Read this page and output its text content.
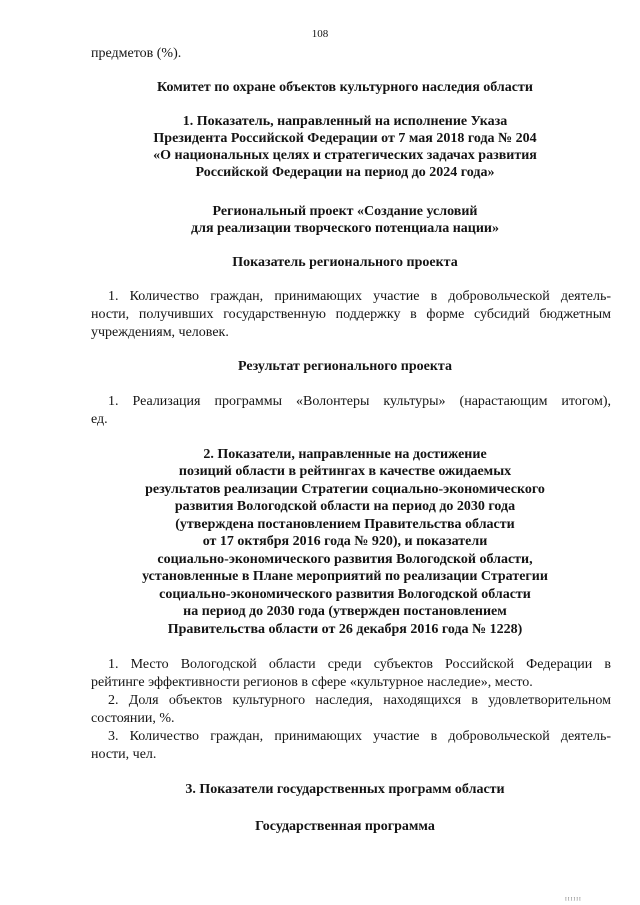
108
предметов (%).
Комитет по охране объектов культурного наследия области
1. Показатель, направленный на исполнение Указа
Президента Российской Федерации от 7 мая 2018 года № 204
«О национальных целях и стратегических задачах развития
Российской Федерации на период до 2024 года»
Региональный проект «Создание условий
для реализации творческого потенциала нации»
Показатель регионального проекта
1. Количество граждан, принимающих участие в добровольческой деятель-
ности, получивших государственную поддержку в форме субсидий бюджетным
учреждениям, человек.
Результат регионального проекта
1. Реализация программы «Волонтеры культуры» (нарастающим итогом),
ед.
2. Показатели, направленные на достижение
позиций области в рейтингах в качестве ожидаемых
результатов реализации Стратегии социально-экономического
развития Вологодской области на период до 2030 года
(утверждена постановлением Правительства области
от 17 октября 2016 года № 920), и показатели
социально-экономического развития Вологодской области,
установленные в Плане мероприятий по реализации Стратегии
социально-экономического развития Вологодской области
на период до 2030 года (утвержден постановлением
Правительства области от 26 декабря 2016 года № 1228)
1. Место Вологодской области среди субъектов Российской Федерации в
рейтинге эффективности регионов в сфере «культурное наследие», место.
2. Доля объектов культурного наследия, находящихся в удовлетворительном
состоянии, %.
3. Количество граждан, принимающих участие в добровольческой деятель-
ности, чел.
3. Показатели государственных программ области
Государственная программа
ᴵᴵᴵᴵᴵᴵ
